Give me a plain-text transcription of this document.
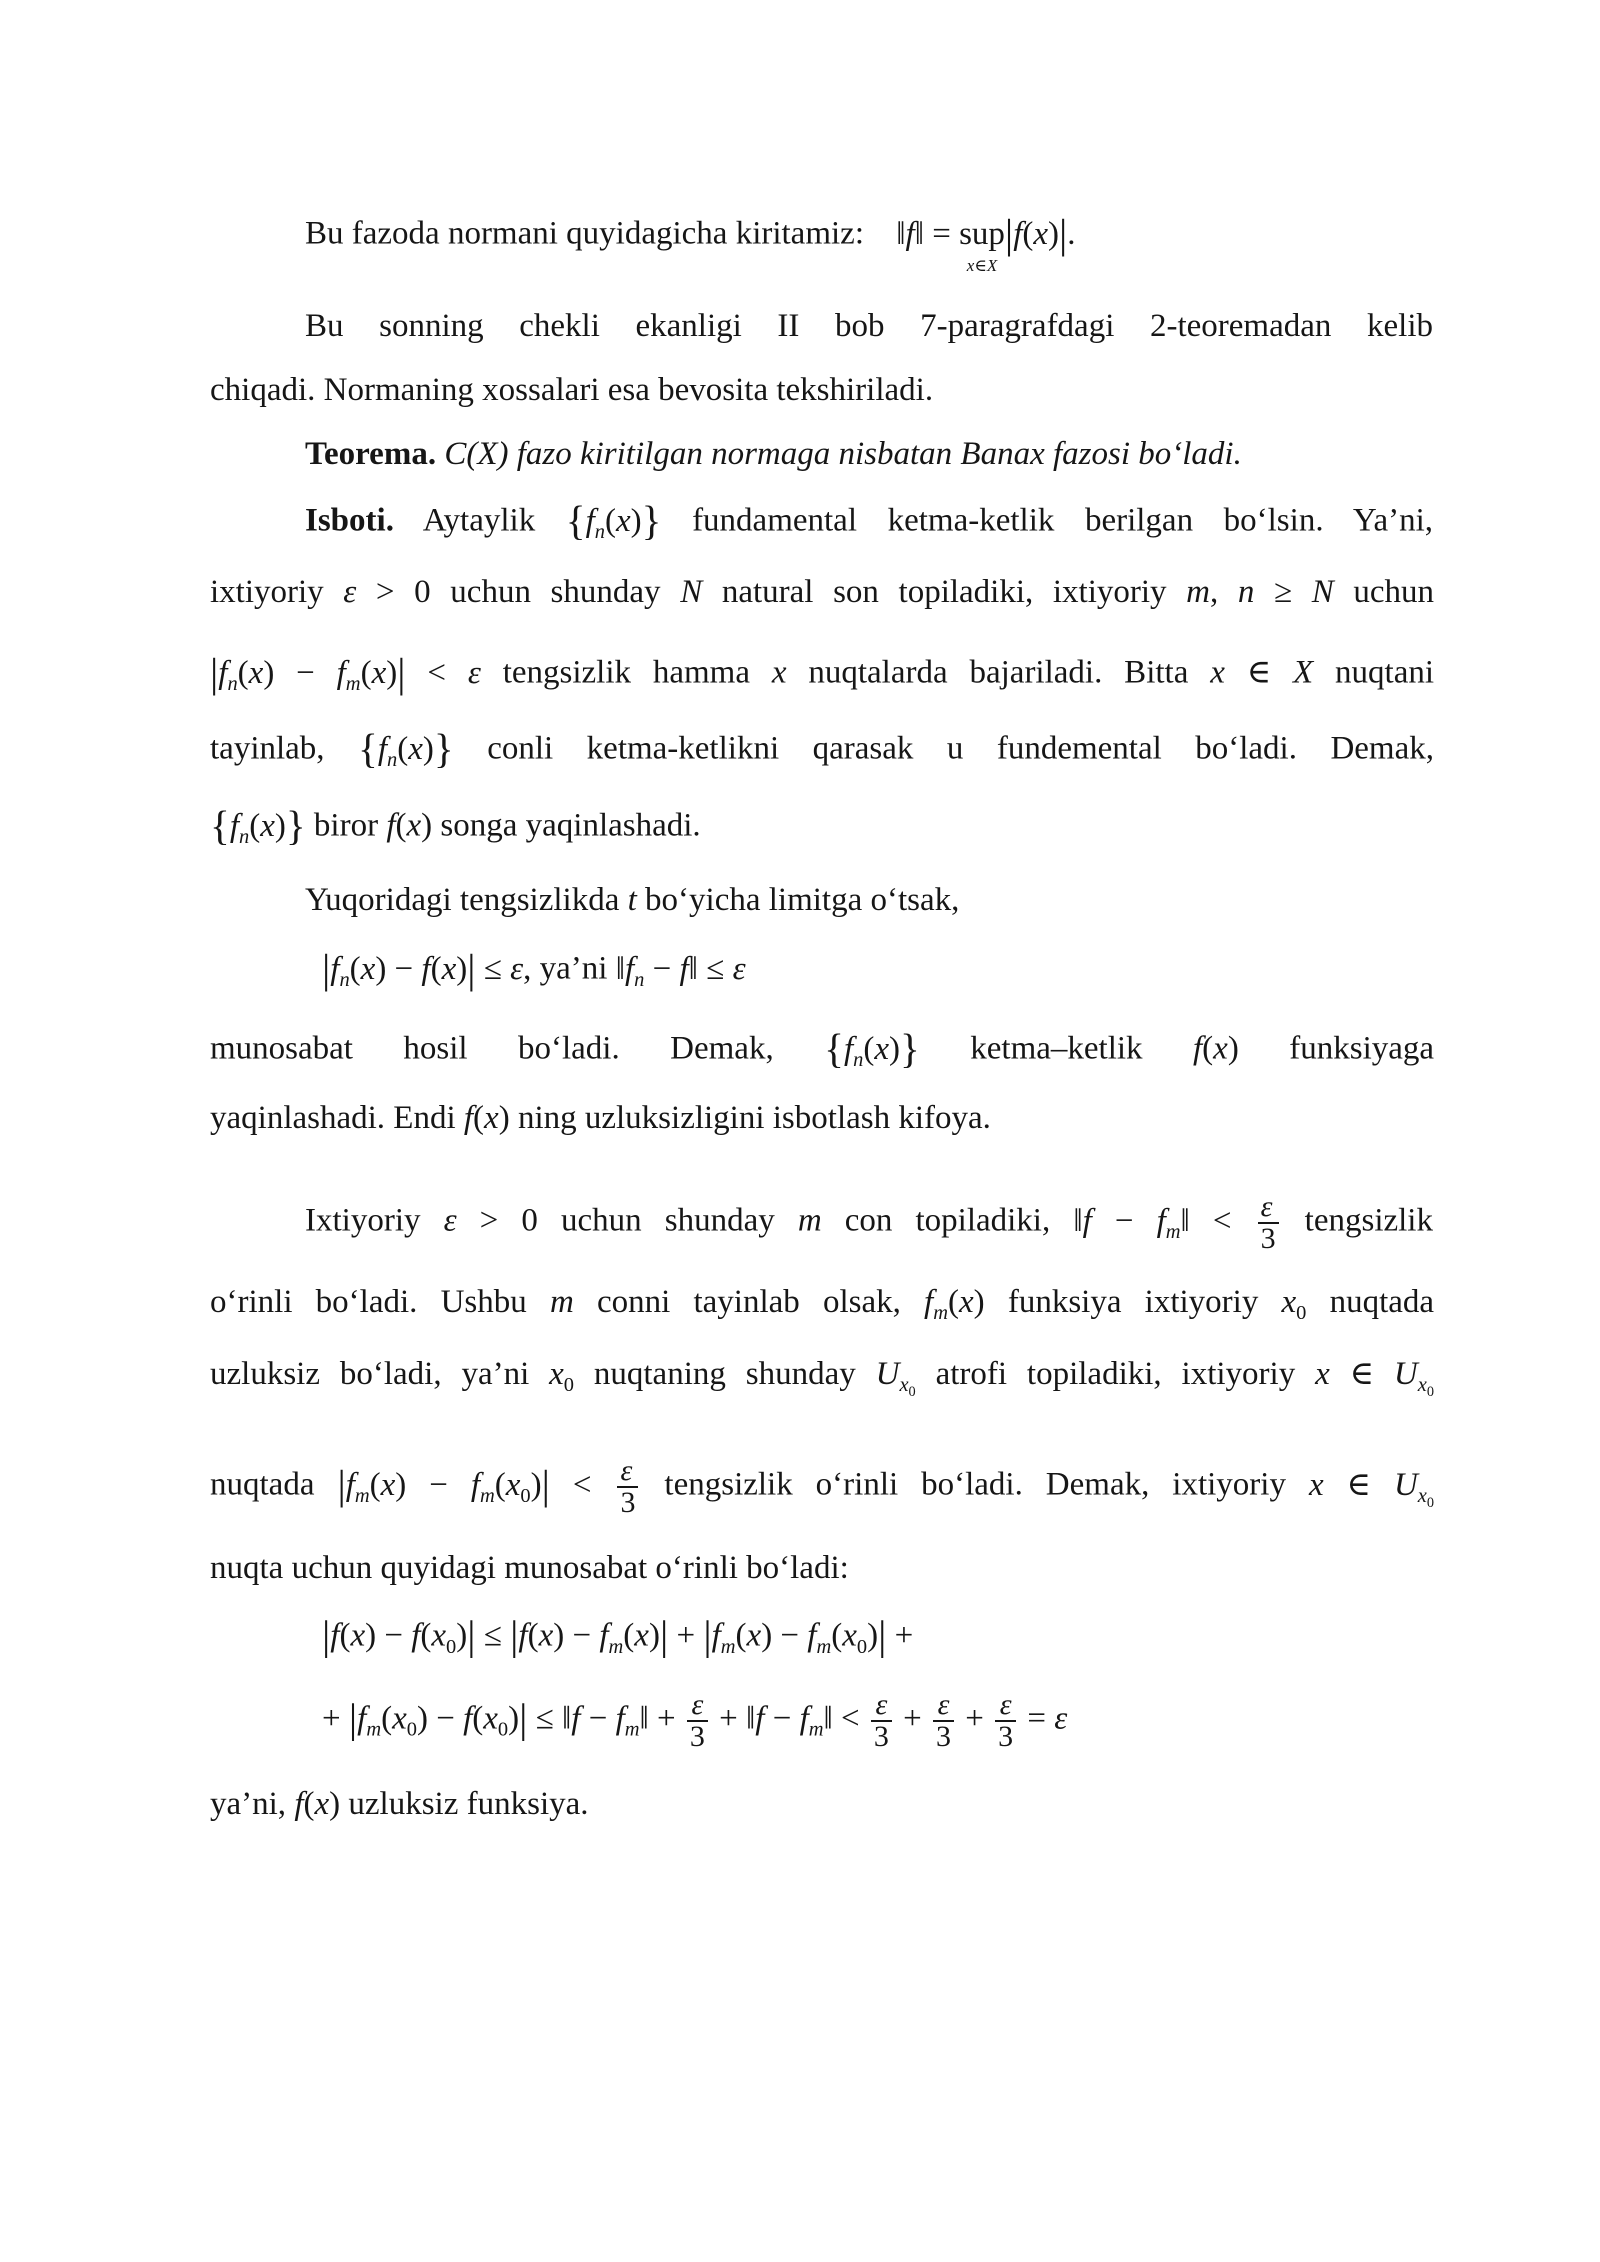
Bu fazoda normani quyidagicha kiritamiz: ‖f‖ = sup
x∈X
|f(x)|.
Bu sonning chekli ekanligi II bob 7-paragrafdagi 2-teoremadan kelib
chiqadi. Normaning xossalari esa bevosita tekshiriladi.
Teorema. C(X) fazo kiritilgan normaga nisbatan Banax fazosi bo‘ladi.
Isboti. Aytaylik $\{f_n(x)\}$ fundamental ketma-ketlik berilgan bo‘lsin. Ya’ni,
ixtiyoriy ε > 0 uchun shunday N natural son topiladiki, ixtiyoriy m, n ≥ N uchun
$|f_n(x) - f_m(x)| < \varepsilon$ tengsizlik hamma x nuqtalarda bajariladi. Bitta x ∈ X nuqtani
tayinlab, $\{f_n(x)\}$ conli ketma-ketlikni qarasak u fundemental bo‘ladi. Demak,
$\{f_n(x)\}$ biror f(x) songa yaqinlashadi.
Yuqoridagi tengsizlikda t bo‘yicha limitga o‘tsak,
$|f_n(x) - f(x)| \le \varepsilon$, ya’ni $‖f_n$ − f‖ ≤ ε
munosabat hosil bo‘ladi. Demak, $\{f_n(x)\}$ ketma–ketlik f(x) funksiyaga
yaqinlashadi. Endi f(x) ning uzluksizligini isbotlash kifoya.
Ixtiyoriy ε > 0 uchun shunday m con topiladiki, ‖f − $f_m‖ < \frac{\varepsilon}{3}$ tengsizlik
o‘rinli bo‘ladi. Ushbu m conni tayinlab olsak, $f_m(x)$ funksiya ixtiyoriy $x_0$ nuqtada
uzluksiz bo‘ladi, ya’ni $x_0$ nuqtaning shunday $U_{x_0}$ atrofi topiladiki, ixtiyoriy x ∈ $U_{x_0}$
nuqtada $|f_m(x) - f_m(x_0)| < \frac{\varepsilon}{3}$ tengsizlik o‘rinli bo‘ladi. Demak, ixtiyoriy x ∈ $U_{x_0}$
nuqta uchun quyidagi munosabat o‘rinli bo‘ladi:
$|f(x) - f(x_0)| \le |f(x) - f_m(x)| + |f_m(x) - f_m(x_0)|$ +
+ $|f_m(x_0) - f(x_0)|$ ≤ ‖f − $f_m‖ + \frac{\varepsilon}{3}$ + ‖f − $f_m‖ < \frac{\varepsilon}{3} + \frac{\varepsilon}{3} + \frac{\varepsilon}{3} = \varepsilon$
ya’ni, f(x) uzluksiz funksiya.
